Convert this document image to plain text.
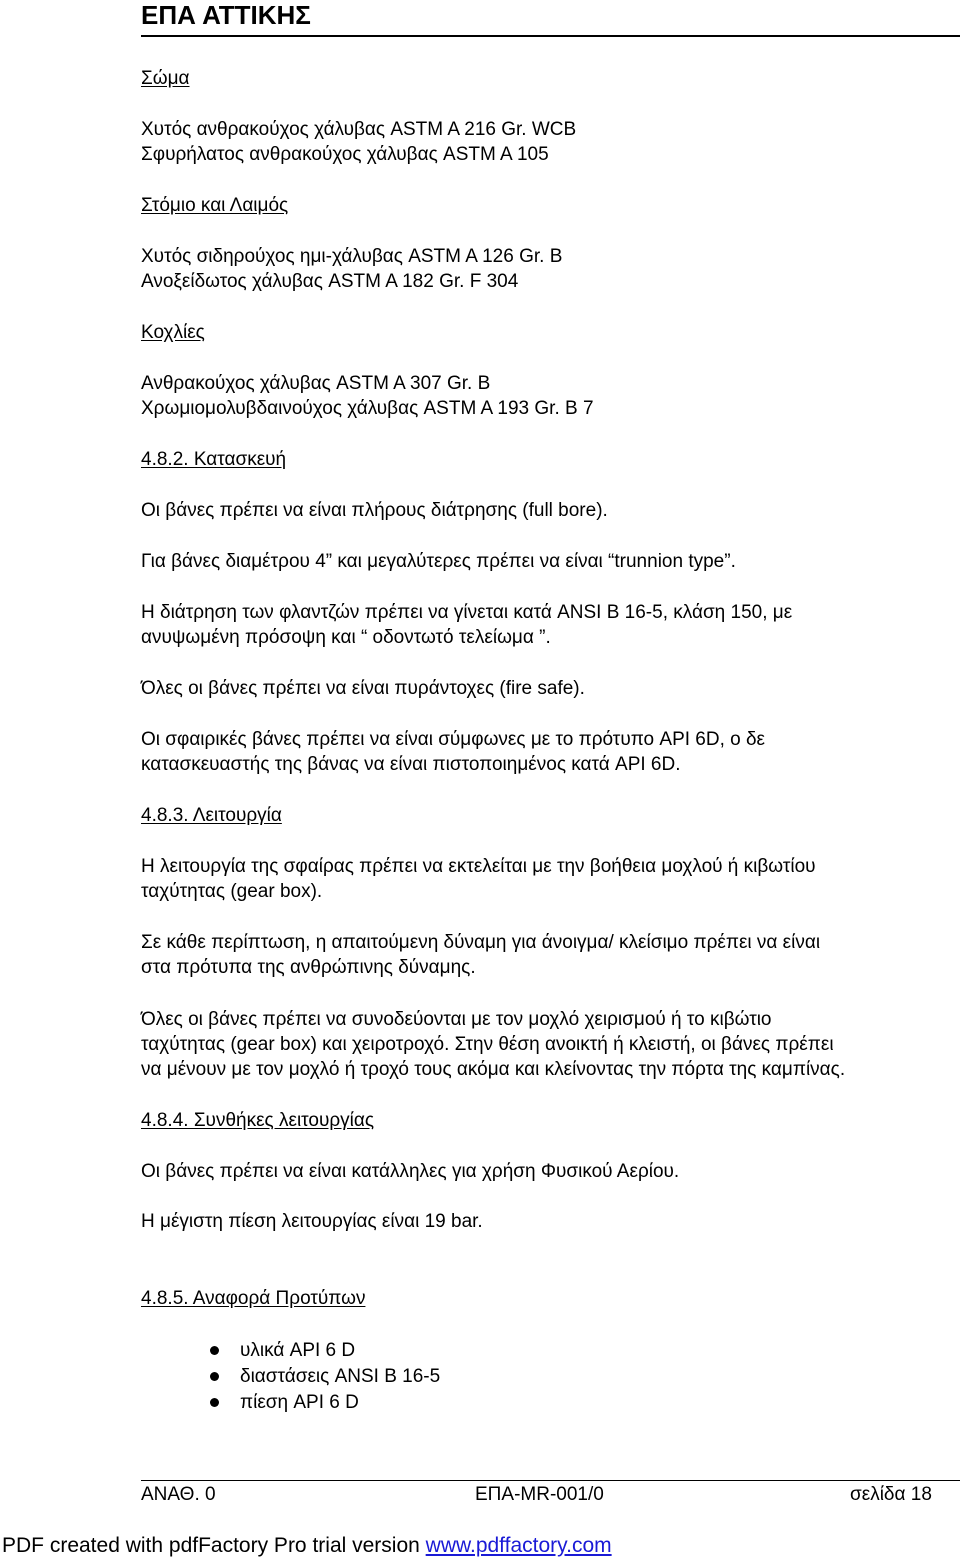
ΕΠΑ ΑΤΤΙΚΗΣ
Σώμα
Χυτός ανθρακούχος χάλυβας ASTM A 216 Gr. WCB
Σφυρήλατος ανθρακούχος χάλυβας ASTM A 105
Στόμιο και Λαιμός
Χυτός σιδηρούχος ημι-χάλυβας ASTM A 126 Gr. B
Ανοξείδωτος χάλυβας ASTM A 182 Gr. F 304
Κοχλίες
Ανθρακούχος χάλυβας ASTM A 307 Gr. B
Χρωμιομολυβδαινούχος χάλυβας ASTM A 193 Gr. B 7
4.8.2. Κατασκευή
Οι βάνες πρέπει να είναι πλήρους διάτρησης (full bore).
Για βάνες διαμέτρου 4” και μεγαλύτερες πρέπει να είναι “trunnion type”.
Η διάτρηση των φλαντζών πρέπει να γίνεται κατά ANSI B 16-5, κλάση 150, με
ανυψωμένη πρόσοψη και “ οδοντωτό τελείωμα ”.
Όλες οι βάνες πρέπει να είναι πυράντοχες (fire safe).
Οι σφαιρικές βάνες πρέπει να είναι σύμφωνες με το πρότυπο API 6D, ο δε
κατασκευαστής της βάνας να είναι πιστοποιημένος κατά API 6D.
4.8.3. Λειτουργία
Η λειτουργία της σφαίρας πρέπει να εκτελείται με την βοήθεια μοχλού ή κιβωτίου
ταχύτητας (gear box).
Σε κάθε περίπτωση, η απαιτούμενη δύναμη για άνοιγμα/ κλείσιμο πρέπει να είναι
στα πρότυπα της ανθρώπινης δύναμης.
Όλες οι βάνες πρέπει να συνοδεύονται με τον μοχλό χειρισμού ή το κιβώτιο
ταχύτητας (gear box) και χειροτροχό. Στην θέση ανοικτή ή κλειστή, οι βάνες πρέπει
να μένουν με τον μοχλό ή τροχό τους ακόμα και κλείνοντας την πόρτα της καμπίνας.
4.8.4. Συνθήκες λειτουργίας
Οι βάνες πρέπει να είναι κατάλληλες για χρήση Φυσικού Αερίου.
Η μέγιστη πίεση λειτουργίας είναι 19 bar.
4.8.5. Αναφορά Προτύπων
υλικά API 6 D
διαστάσεις ANSI B 16-5
πίεση API 6 D
ΑΝΑΘ. 0	ΕΠΑ-MR-001/0	σελίδα 18
PDF created with pdfFactory Pro trial version www.pdffactory.com
